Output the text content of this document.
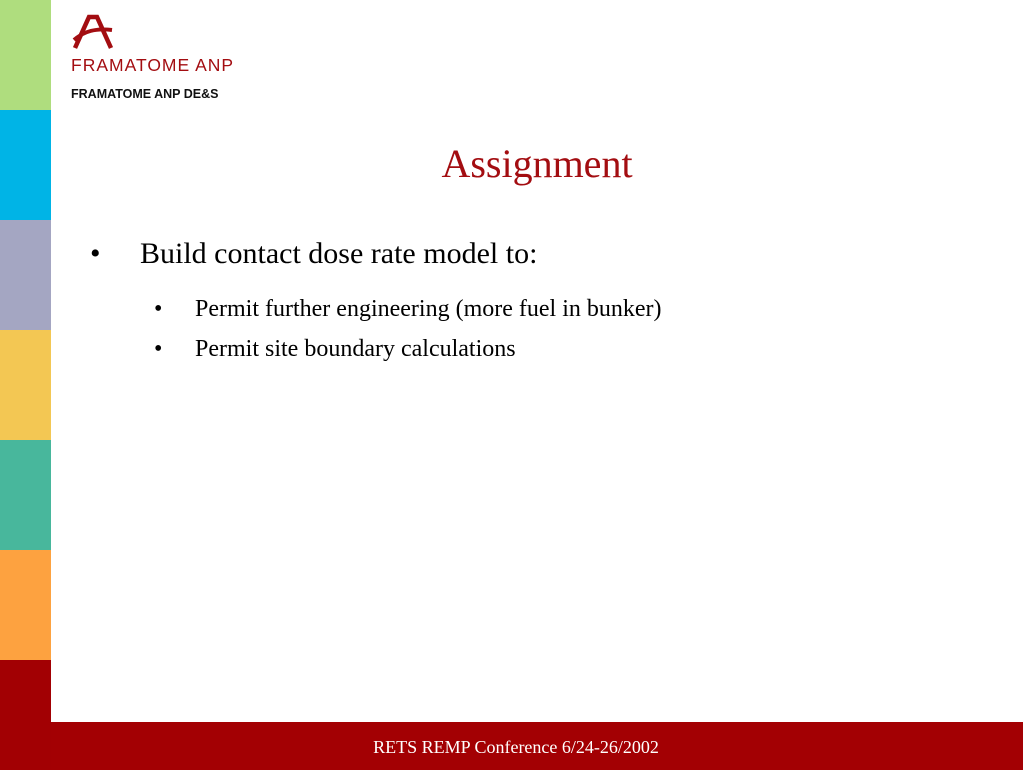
FRAMATOME ANP
FRAMATOME ANP DE&S
Assignment
• Build contact dose rate model to:
• Permit further engineering (more fuel in bunker)
• Permit site boundary calculations
RETS REMP Conference 6/24-26/2002
